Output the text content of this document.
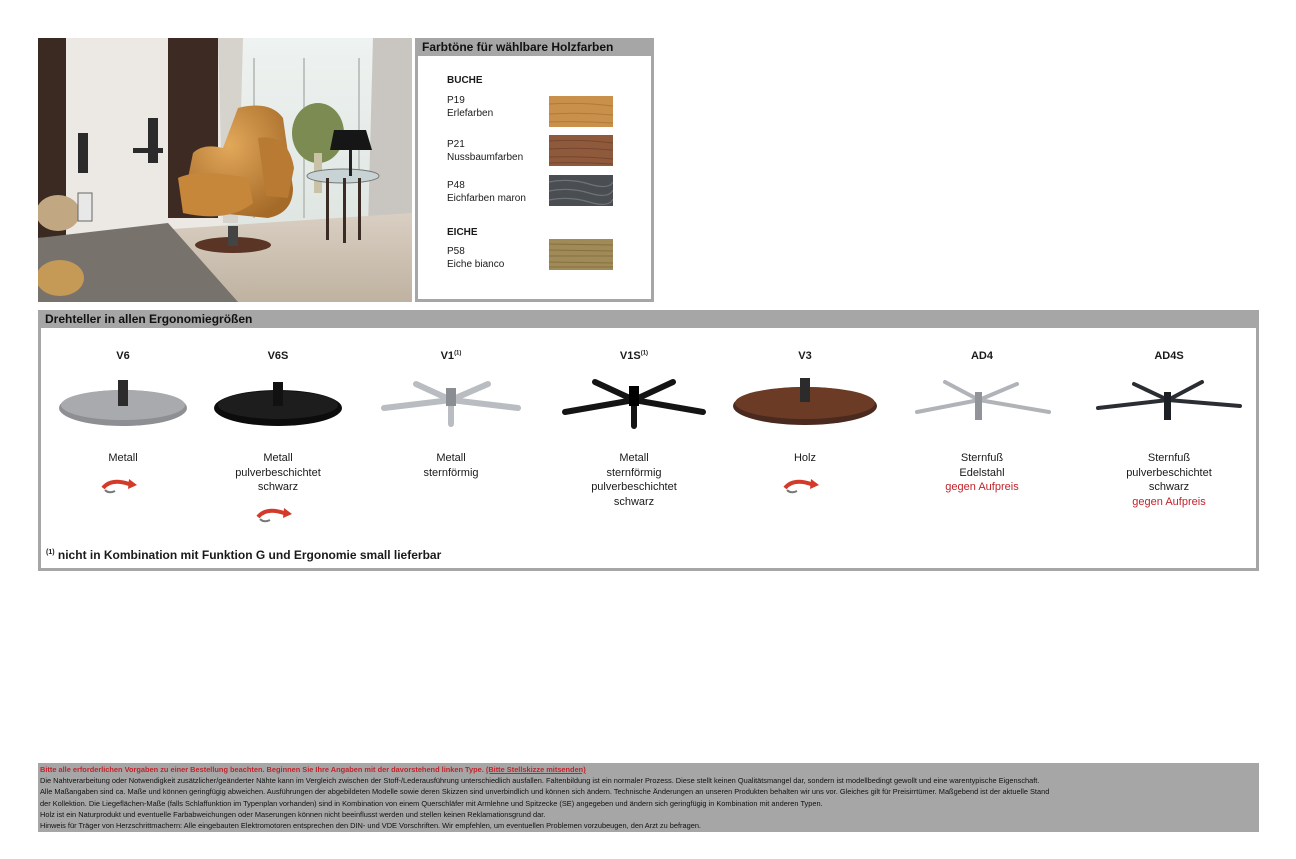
Farbtöne für wählbare Holzfarben
BUCHE
P19
Erlefarben
P21
Nussbaumfarben
P48
Eichfarben maron
EICHE
P58
Eiche bianco
Drehteller in allen Ergonomiegrößen
V6
Metall
V6S
Metall
pulverbeschichtet
schwarz
V1$^{(1)}$
Metall
sternförmig
$V1S^{(1)}$
Metall
sternförmig
pulverbeschichtet
schwarz
V3
Holz
AD4
Sternfuß
Edelstahl
gegen Aufpreis
AD4S
Sternfuß
pulverbeschichtet
schwarz
gegen Aufpreis
$^{(1)}$ nicht in Kombination mit Funktion G und Ergonomie small lieferbar
Bitte alle erforderlichen Vorgaben zu einer Bestellung beachten. Beginnen Sie Ihre Angaben mit der davorstehend linken Type. (Bitte Stellskizze mitsenden)
Die Nahtverarbeitung oder Notwendigkeit zusätzlicher/geänderter Nähte kann im Vergleich zwischen der Stoff-/Lederausführung unterschiedlich ausfallen. Faltenbildung ist ein normaler Prozess. Diese stellt keinen Qualitätsmangel dar, sondern ist modellbedingt gewollt und eine warentypische Eigenschaft.
Alle Maßangaben sind ca. Maße und können geringfügig abweichen. Ausführungen der abgebildeten Modelle sowie deren Skizzen sind unverbindlich und können sich ändern. Technische Änderungen an unseren Produkten behalten wir uns vor. Gleiches gilt für Preisirrtümer. Maßgebend ist der aktuelle Stand
der Kollektion. Die Liegeflächen-Maße (falls Schlaffunktion im Typenplan vorhanden) sind in Kombination von einem Querschläfer mit Armlehne und Spitzecke (SE) angegeben und ändern sich geringfügig in Kombination mit anderen Typen.
Holz ist ein Naturprodukt und eventuelle Farbabweichungen oder Maserungen können nicht beeinflusst werden und stellen keinen Reklamationsgrund dar.
Hinweis für Träger von Herzschrittmachern: Alle eingebauten Elektromotoren entsprechen den DIN- und VDE Vorschriften. Wir empfehlen, um eventuellen Problemen vorzubeugen, den Arzt zu befragen.
